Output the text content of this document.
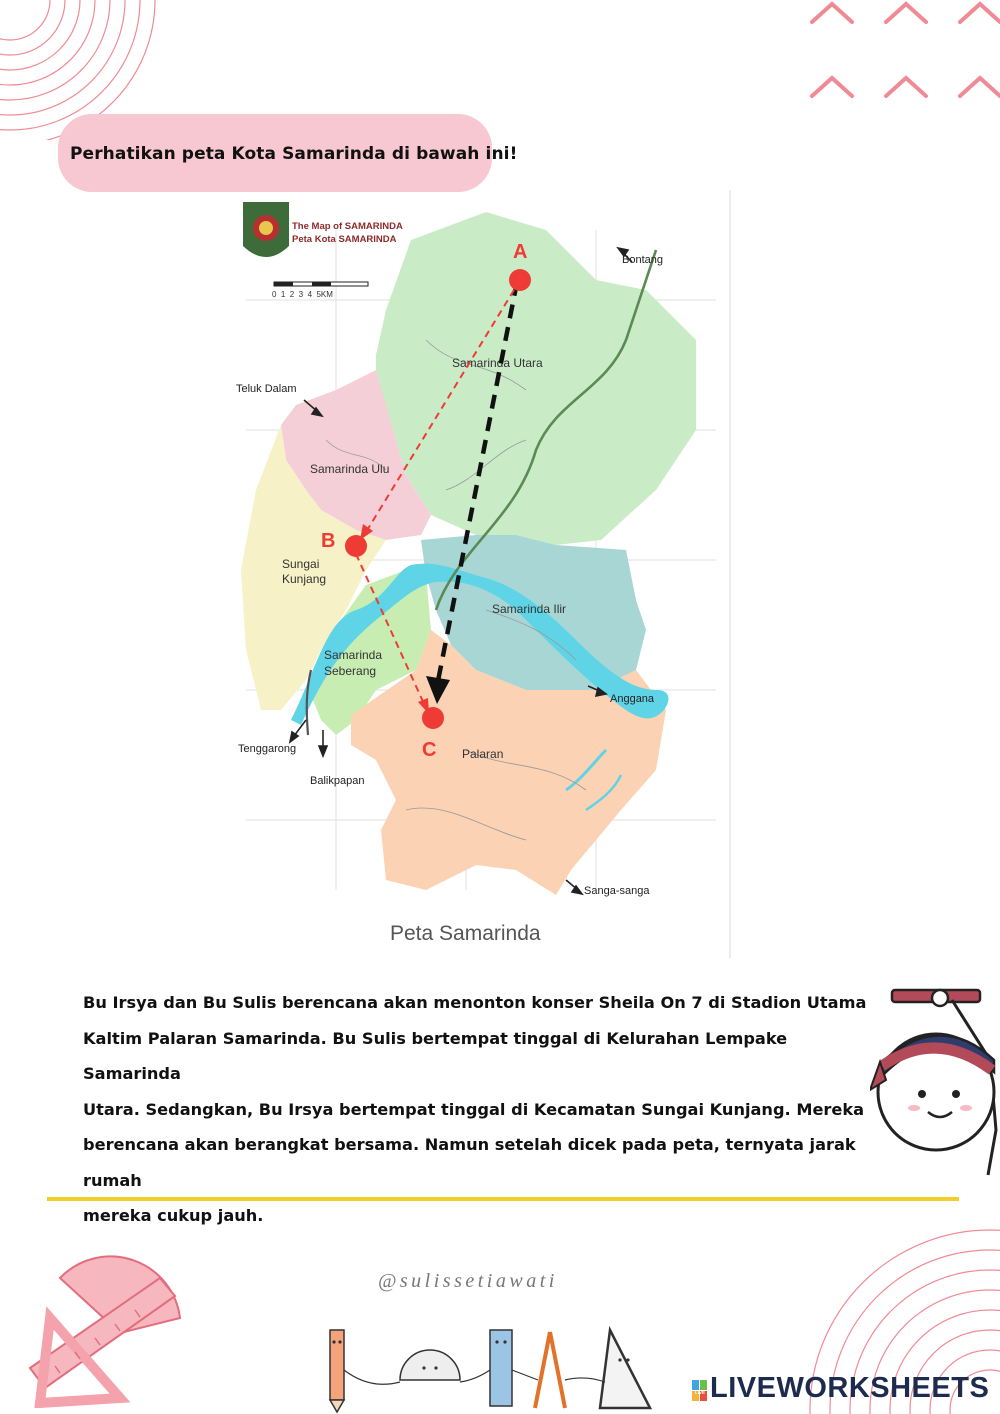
Perhatikan peta Kota Samarinda di bawah ini!
The Map of SAMARINDA
Peta Kota SAMARINDA
0  1  2  3  4  5KM
Samarinda Utara
Samarinda Ulu
Sungai
Kunjang
Samarinda Ilir
Samarinda
Seberang
Palaran
Bontang
Teluk Dalam
Anggana
Tenggarong
Balikpapan
Sanga-sanga
A
B
C
Peta Samarinda

Bu Irsya dan Bu Sulis berencana akan menonton konser Sheila On 7 di Stadion Utama

Kaltim Palaran Samarinda. Bu Sulis bertempat tinggal di Kelurahan Lempake Samarinda

Utara. Sedangkan, Bu Irsya bertempat tinggal di Kecamatan Sungai Kunjang. Mereka

berencana akan berangkat bersama. Namun setelah dicek pada peta, ternyata jarak rumah

mereka cukup jauh.

@sulissetiawati
LIVE LIVEWORKSHEETS
